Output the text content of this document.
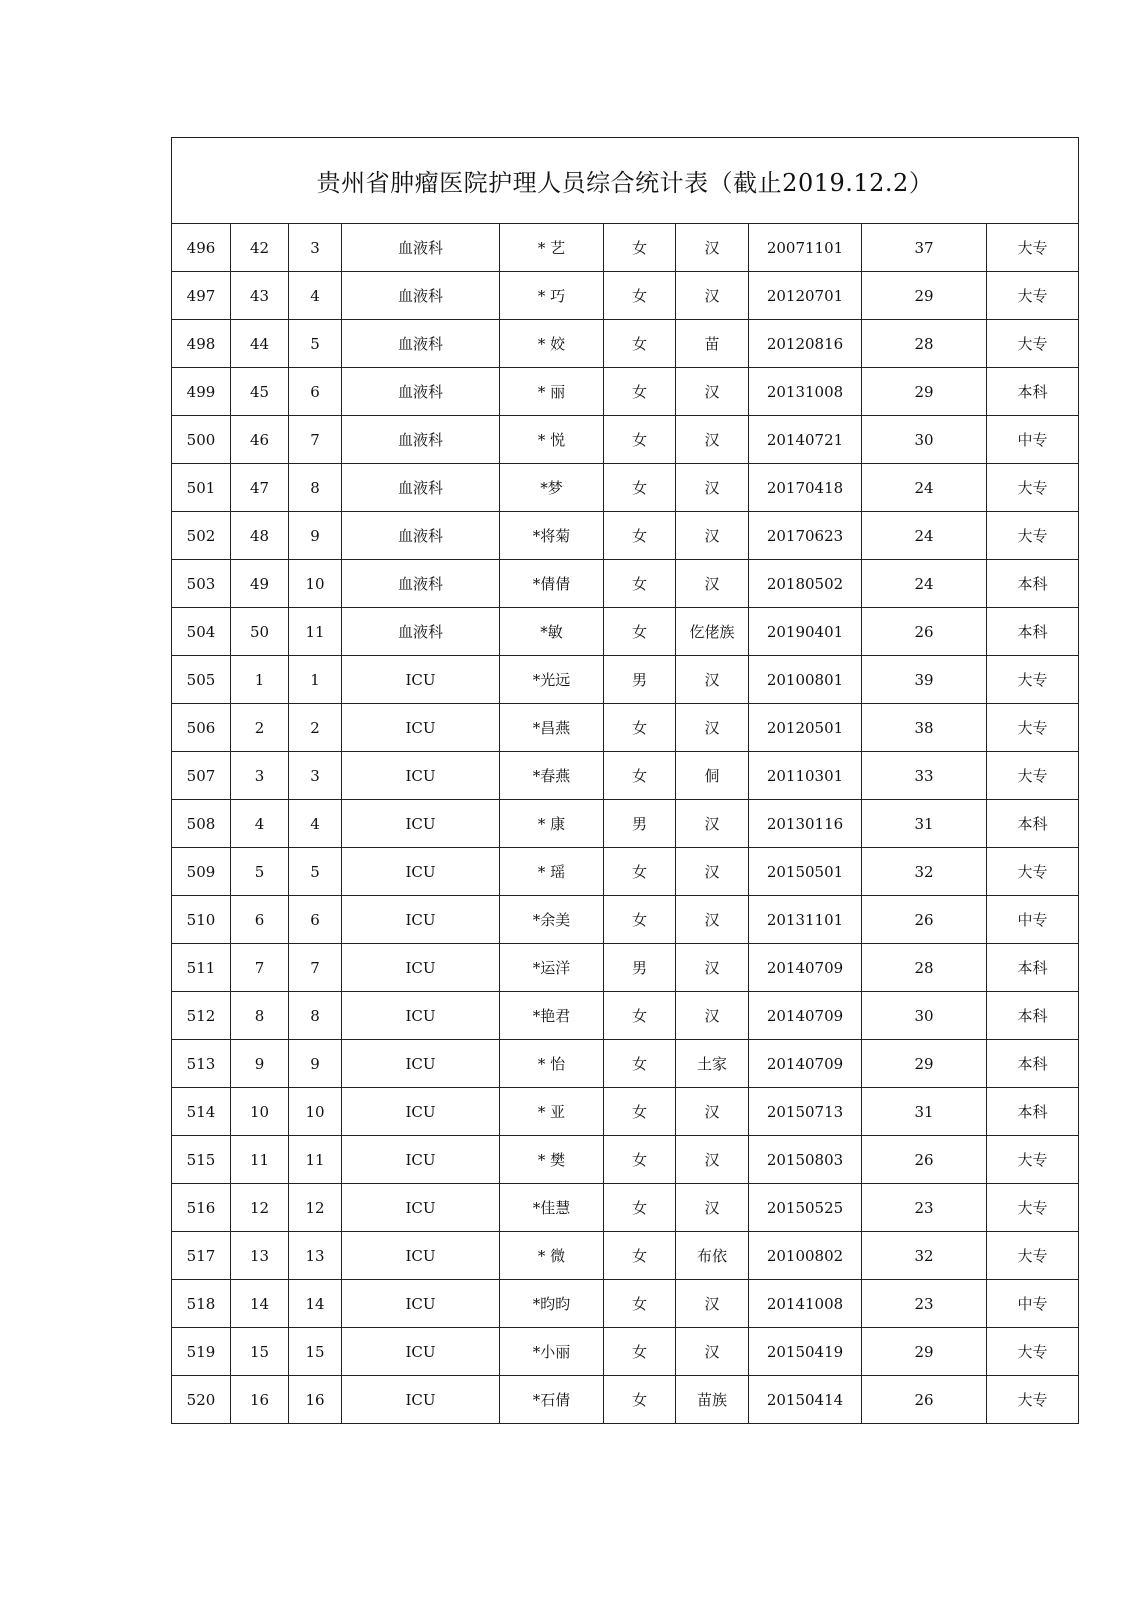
贵州省肿瘤医院护理人员综合统计表（截止2019.12.2）									
496	42	3	血液科	* 艺	女	汉	20071101	37	大专
497	43	4	血液科	* 巧	女	汉	20120701	29	大专
498	44	5	血液科	* 姣	女	苗	20120816	28	大专
499	45	6	血液科	* 丽	女	汉	20131008	29	本科
500	46	7	血液科	* 悦	女	汉	20140721	30	中专
501	47	8	血液科	*梦	女	汉	20170418	24	大专
502	48	9	血液科	*将菊	女	汉	20170623	24	大专
503	49	10	血液科	*倩倩	女	汉	20180502	24	本科
504	50	11	血液科	*敏	女	仡佬族	20190401	26	本科
505	1	1	ICU	*光远	男	汉	20100801	39	大专
506	2	2	ICU	*昌燕	女	汉	20120501	38	大专
507	3	3	ICU	*春燕	女	侗	20110301	33	大专
508	4	4	ICU	* 康	男	汉	20130116	31	本科
509	5	5	ICU	* 瑶	女	汉	20150501	32	大专
510	6	6	ICU	*余美	女	汉	20131101	26	中专
511	7	7	ICU	*运洋	男	汉	20140709	28	本科
512	8	8	ICU	*艳君	女	汉	20140709	30	本科
513	9	9	ICU	* 怡	女	土家	20140709	29	本科
514	10	10	ICU	* 亚	女	汉	20150713	31	本科
515	11	11	ICU	* 樊	女	汉	20150803	26	大专
516	12	12	ICU	*佳慧	女	汉	20150525	23	大专
517	13	13	ICU	* 微	女	布依	20100802	32	大专
518	14	14	ICU	*昀昀	女	汉	20141008	23	中专
519	15	15	ICU	*小丽	女	汉	20150419	29	大专
520	16	16	ICU	*石倩	女	苗族	20150414	26	大专
